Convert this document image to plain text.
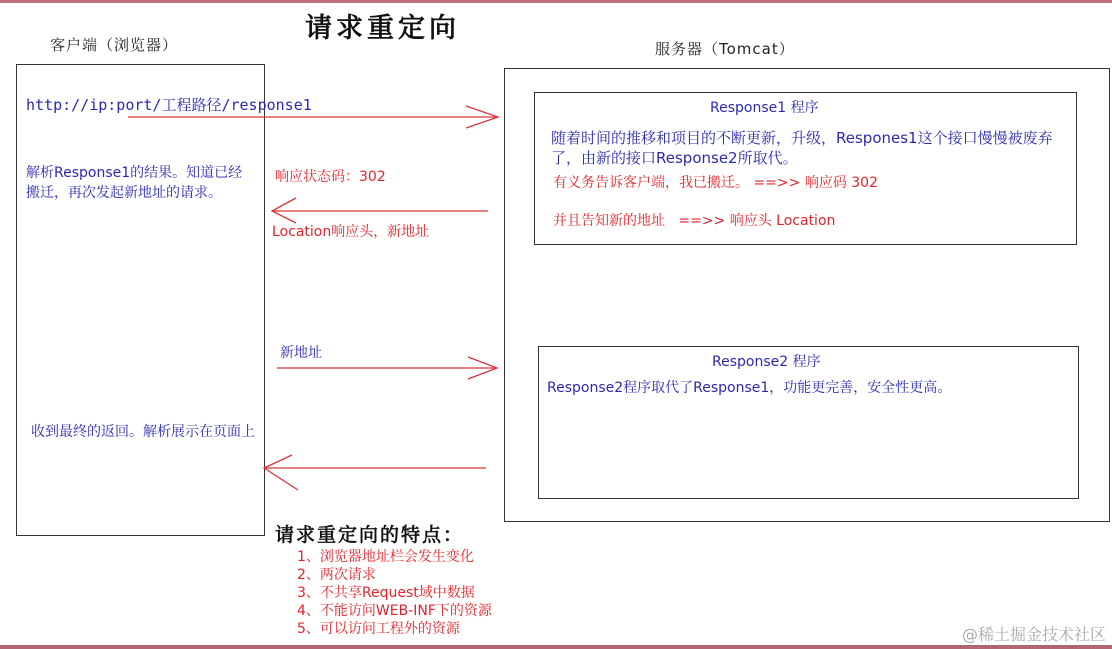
请求重定向
客户端（浏览器）	服务器（Tomcat）
http://ip:port/工程路径/response1
解析Response1的结果。知道已经搬迁，再次发起新地址的请求。
收到最终的返回。解析展示在页面上
Response1 程序
随着时间的推移和项目的不断更新，升级，Respones1这个接口慢慢被废弃了，由新的接口Response2所取代。
有义务告诉客户端，我已搬迁。 ==>> 响应码 302
并且告知新的地址   ==>> 响应头 Location
Response2 程序
Response2程序取代了Response1，功能更完善，安全性更高。
响应状态码：302
Location响应头，新地址
新地址
请求重定向的特点：
1、浏览器地址栏会发生变化
2、两次请求
3、不共享Request域中数据
4、不能访问WEB-INF下的资源
5、可以访问工程外的资源	@稀土掘金技术社区
